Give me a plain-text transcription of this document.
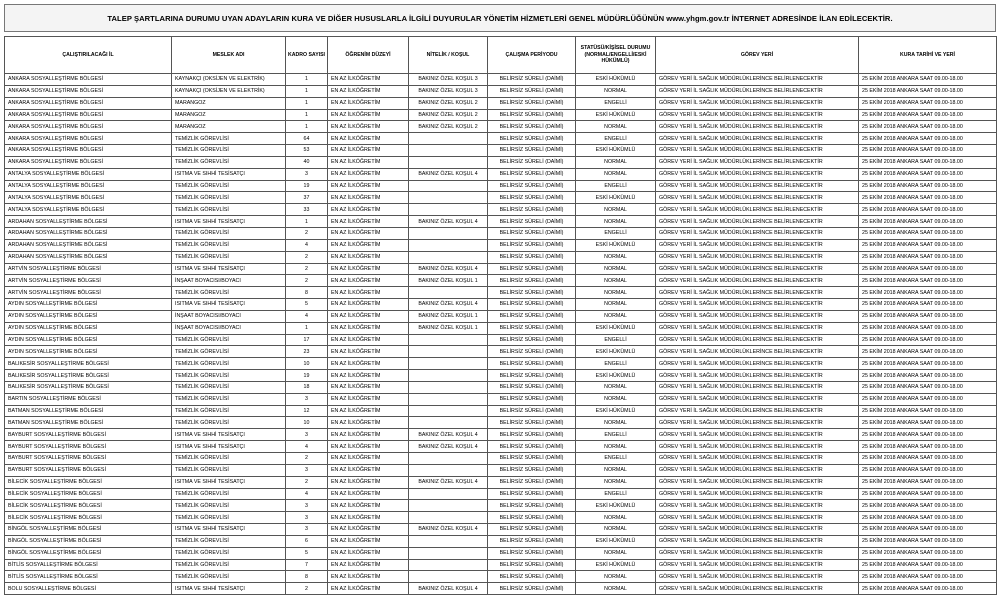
TALEP ŞARTLARINA DURUMU UYAN ADAYLARIN KURA VE DİĞER HUSUSLARLA İLGİLİ DUYURULAR YÖNETİM HİZMETLERİ GENEL MÜDÜRLÜĞÜNÜN www.yhgm.gov.tr İNTERNET ADRESİNDE İLAN EDİLECEKTİR.
ÇALIŞTIRILACAĞI İL	MESLEK ADI	KADRO SAYISI	ÖĞRENİM DÜZEYİ	NİTELİK / KOŞUL	ÇALIŞMA PERİYODU	STATÜSÜ/KİŞİSEL DURUMU (NORMAL/ENGELLİ/ESKİ HÜKÜMLÜ)	GÖREV YERİ	KURA TARİHİ VE YERİ
ANKARA SOSYALLEŞTİRME BÖLGESİ	KAYNAKÇI (OKSİJEN VE ELEKTRİK)	1	EN AZ İLKÖĞRETİM	BAKINIZ ÖZEL KOŞUL 3	BELİRSİZ SÜRELİ (DAİMİ)	ESKİ HÜKÜMLÜ	GÖREV YERİ İL SAĞLIK MÜDÜRLÜKLERİNCE BELİRLENECEKTİR	25 EKİM 2018 ANKARA SAAT 09.00-18.00
ANKARA SOSYALLEŞTİRME BÖLGESİ	KAYNAKÇI (OKSİJEN VE ELEKTRİK)	1	EN AZ İLKÖĞRETİM	BAKINIZ ÖZEL KOŞUL 3	BELİRSİZ SÜRELİ (DAİMİ)	NORMAL	GÖREV YERİ İL SAĞLIK MÜDÜRLÜKLERİNCE BELİRLENECEKTİR	25 EKİM 2018 ANKARA SAAT 09.00-18.00
ANKARA SOSYALLEŞTİRME BÖLGESİ	MARANGOZ	1	EN AZ İLKÖĞRETİM	BAKINIZ ÖZEL KOŞUL 2	BELİRSİZ SÜRELİ (DAİMİ)	ENGELLİ	GÖREV YERİ İL SAĞLIK MÜDÜRLÜKLERİNCE BELİRLENECEKTİR	25 EKİM 2018 ANKARA SAAT 09.00-18.00
ANKARA SOSYALLEŞTİRME BÖLGESİ	MARANGOZ	1	EN AZ İLKÖĞRETİM	BAKINIZ ÖZEL KOŞUL 2	BELİRSİZ SÜRELİ (DAİMİ)	ESKİ HÜKÜMLÜ	GÖREV YERİ İL SAĞLIK MÜDÜRLÜKLERİNCE BELİRLENECEKTİR	25 EKİM 2018 ANKARA SAAT 09.00-18.00
ANKARA SOSYALLEŞTİRME BÖLGESİ	MARANGOZ	1	EN AZ İLKÖĞRETİM	BAKINIZ ÖZEL KOŞUL 2	BELİRSİZ SÜRELİ (DAİMİ)	NORMAL	GÖREV YERİ İL SAĞLIK MÜDÜRLÜKLERİNCE BELİRLENECEKTİR	25 EKİM 2018 ANKARA SAAT 09.00-18.00
ANKARA SOSYALLEŞTİRME BÖLGESİ	TEMİZLİK GÖREVLİSİ	64	EN AZ İLKÖĞRETİM		BELİRSİZ SÜRELİ (DAİMİ)	ENGELLİ	GÖREV YERİ İL SAĞLIK MÜDÜRLÜKLERİNCE BELİRLENECEKTİR	25 EKİM 2018 ANKARA SAAT 09.00-18.00
ANKARA SOSYALLEŞTİRME BÖLGESİ	TEMİZLİK GÖREVLİSİ	53	EN AZ İLKÖĞRETİM		BELİRSİZ SÜRELİ (DAİMİ)	ESKİ HÜKÜMLÜ	GÖREV YERİ İL SAĞLIK MÜDÜRLÜKLERİNCE BELİRLENECEKTİR	25 EKİM 2018 ANKARA SAAT 09.00-18.00
ANKARA SOSYALLEŞTİRME BÖLGESİ	TEMİZLİK GÖREVLİSİ	40	EN AZ İLKÖĞRETİM		BELİRSİZ SÜRELİ (DAİMİ)	NORMAL	GÖREV YERİ İL SAĞLIK MÜDÜRLÜKLERİNCE BELİRLENECEKTİR	25 EKİM 2018 ANKARA SAAT 09.00-18.00
ANTALYA SOSYALLEŞTİRME BÖLGESİ	ISITMA VE SIHHİ TESİSATÇI	3	EN AZ İLKÖĞRETİM	BAKINIZ ÖZEL KOŞUL 4	BELİRSİZ SÜRELİ (DAİMİ)	NORMAL	GÖREV YERİ İL SAĞLIK MÜDÜRLÜKLERİNCE BELİRLENECEKTİR	25 EKİM 2018 ANKARA SAAT 09.00-18.00
ANTALYA SOSYALLEŞTİRME BÖLGESİ	TEMİZLİK GÖREVLİSİ	19	EN AZ İLKÖĞRETİM		BELİRSİZ SÜRELİ (DAİMİ)	ENGELLİ	GÖREV YERİ İL SAĞLIK MÜDÜRLÜKLERİNCE BELİRLENECEKTİR	25 EKİM 2018 ANKARA SAAT 09.00-18.00
ANTALYA SOSYALLEŞTİRME BÖLGESİ	TEMİZLİK GÖREVLİSİ	37	EN AZ İLKÖĞRETİM		BELİRSİZ SÜRELİ (DAİMİ)	ESKİ HÜKÜMLÜ	GÖREV YERİ İL SAĞLIK MÜDÜRLÜKLERİNCE BELİRLENECEKTİR	25 EKİM 2018 ANKARA SAAT 09.00-18.00
ANTALYA SOSYALLEŞTİRME BÖLGESİ	TEMİZLİK GÖREVLİSİ	33	EN AZ İLKÖĞRETİM		BELİRSİZ SÜRELİ (DAİMİ)	NORMAL	GÖREV YERİ İL SAĞLIK MÜDÜRLÜKLERİNCE BELİRLENECEKTİR	25 EKİM 2018 ANKARA SAAT 09.00-18.00
ARDAHAN SOSYALLEŞTİRME BÖLGESİ	ISITMA VE SIHHİ TESİSATÇI	1	EN AZ İLKÖĞRETİM	BAKINIZ ÖZEL KOŞUL 4	BELİRSİZ SÜRELİ (DAİMİ)	NORMAL	GÖREV YERİ İL SAĞLIK MÜDÜRLÜKLERİNCE BELİRLENECEKTİR	25 EKİM 2018 ANKARA SAAT 09.00-18.00
ARDAHAN SOSYALLEŞTİRME BÖLGESİ	TEMİZLİK GÖREVLİSİ	2	EN AZ İLKÖĞRETİM		BELİRSİZ SÜRELİ (DAİMİ)	ENGELLİ	GÖREV YERİ İL SAĞLIK MÜDÜRLÜKLERİNCE BELİRLENECEKTİR	25 EKİM 2018 ANKARA SAAT 09.00-18.00
ARDAHAN SOSYALLEŞTİRME BÖLGESİ	TEMİZLİK GÖREVLİSİ	4	EN AZ İLKÖĞRETİM		BELİRSİZ SÜRELİ (DAİMİ)	ESKİ HÜKÜMLÜ	GÖREV YERİ İL SAĞLIK MÜDÜRLÜKLERİNCE BELİRLENECEKTİR	25 EKİM 2018 ANKARA SAAT 09.00-18.00
ARDAHAN SOSYALLEŞTİRME BÖLGESİ	TEMİZLİK GÖREVLİSİ	2	EN AZ İLKÖĞRETİM		BELİRSİZ SÜRELİ (DAİMİ)	NORMAL	GÖREV YERİ İL SAĞLIK MÜDÜRLÜKLERİNCE BELİRLENECEKTİR	25 EKİM 2018 ANKARA SAAT 09.00-18.00
ARTVİN SOSYALLEŞTİRME BÖLGESİ	ISITMA VE SIHHİ TESİSATÇI	2	EN AZ İLKÖĞRETİM	BAKINIZ ÖZEL KOŞUL 4	BELİRSİZ SÜRELİ (DAİMİ)	NORMAL	GÖREV YERİ İL SAĞLIK MÜDÜRLÜKLERİNCE BELİRLENECEKTİR	25 EKİM 2018 ANKARA SAAT 09.00-18.00
ARTVİN SOSYALLEŞTİRME BÖLGESİ	İNŞAAT BOYACISI/BOYACI	2	EN AZ İLKÖĞRETİM	BAKINIZ ÖZEL KOŞUL 1	BELİRSİZ SÜRELİ (DAİMİ)	NORMAL	GÖREV YERİ İL SAĞLIK MÜDÜRLÜKLERİNCE BELİRLENECEKTİR	25 EKİM 2018 ANKARA SAAT 09.00-18.00
ARTVİN SOSYALLEŞTİRME BÖLGESİ	TEMİZLİK GÖREVLİSİ	8	EN AZ İLKÖĞRETİM		BELİRSİZ SÜRELİ (DAİMİ)	NORMAL	GÖREV YERİ İL SAĞLIK MÜDÜRLÜKLERİNCE BELİRLENECEKTİR	25 EKİM 2018 ANKARA SAAT 09.00-18.00
AYDIN SOSYALLEŞTİRME BÖLGESİ	ISITMA VE SIHHİ TESİSATÇI	5	EN AZ İLKÖĞRETİM	BAKINIZ ÖZEL KOŞUL 4	BELİRSİZ SÜRELİ (DAİMİ)	NORMAL	GÖREV YERİ İL SAĞLIK MÜDÜRLÜKLERİNCE BELİRLENECEKTİR	25 EKİM 2018 ANKARA SAAT 09.00-18.00
AYDIN SOSYALLEŞTİRME BÖLGESİ	İNŞAAT BOYACISI/BOYACI	4	EN AZ İLKÖĞRETİM	BAKINIZ ÖZEL KOŞUL 1	BELİRSİZ SÜRELİ (DAİMİ)	NORMAL	GÖREV YERİ İL SAĞLIK MÜDÜRLÜKLERİNCE BELİRLENECEKTİR	25 EKİM 2018 ANKARA SAAT 09.00-18.00
AYDIN SOSYALLEŞTİRME BÖLGESİ	İNŞAAT BOYACISI/BOYACI	1	EN AZ İLKÖĞRETİM	BAKINIZ ÖZEL KOŞUL 1	BELİRSİZ SÜRELİ (DAİMİ)	ESKİ HÜKÜMLÜ	GÖREV YERİ İL SAĞLIK MÜDÜRLÜKLERİNCE BELİRLENECEKTİR	25 EKİM 2018 ANKARA SAAT 09.00-18.00
AYDIN SOSYALLEŞTİRME BÖLGESİ	TEMİZLİK GÖREVLİSİ	17	EN AZ İLKÖĞRETİM		BELİRSİZ SÜRELİ (DAİMİ)	ENGELLİ	GÖREV YERİ İL SAĞLIK MÜDÜRLÜKLERİNCE BELİRLENECEKTİR	25 EKİM 2018 ANKARA SAAT 09.00-18.00
AYDIN SOSYALLEŞTİRME BÖLGESİ	TEMİZLİK GÖREVLİSİ	23	EN AZ İLKÖĞRETİM		BELİRSİZ SÜRELİ (DAİMİ)	ESKİ HÜKÜMLÜ	GÖREV YERİ İL SAĞLIK MÜDÜRLÜKLERİNCE BELİRLENECEKTİR	25 EKİM 2018 ANKARA SAAT 09.00-18.00
BALIKESİR SOSYALLEŞTİRME BÖLGESİ	TEMİZLİK GÖREVLİSİ	10	EN AZ İLKÖĞRETİM		BELİRSİZ SÜRELİ (DAİMİ)	ENGELLİ	GÖREV YERİ İL SAĞLIK MÜDÜRLÜKLERİNCE BELİRLENECEKTİR	25 EKİM 2018 ANKARA SAAT 09.00-18.00
BALIKESİR SOSYALLEŞTİRME BÖLGESİ	TEMİZLİK GÖREVLİSİ	19	EN AZ İLKÖĞRETİM		BELİRSİZ SÜRELİ (DAİMİ)	ESKİ HÜKÜMLÜ	GÖREV YERİ İL SAĞLIK MÜDÜRLÜKLERİNCE BELİRLENECEKTİR	25 EKİM 2018 ANKARA SAAT 09.00-18.00
BALIKESİR SOSYALLEŞTİRME BÖLGESİ	TEMİZLİK GÖREVLİSİ	18	EN AZ İLKÖĞRETİM		BELİRSİZ SÜRELİ (DAİMİ)	NORMAL	GÖREV YERİ İL SAĞLIK MÜDÜRLÜKLERİNCE BELİRLENECEKTİR	25 EKİM 2018 ANKARA SAAT 09.00-18.00
BARTIN SOSYALLEŞTİRME BÖLGESİ	TEMİZLİK GÖREVLİSİ	3	EN AZ İLKÖĞRETİM		BELİRSİZ SÜRELİ (DAİMİ)	NORMAL	GÖREV YERİ İL SAĞLIK MÜDÜRLÜKLERİNCE BELİRLENECEKTİR	25 EKİM 2018 ANKARA SAAT 09.00-18.00
BATMAN SOSYALLEŞTİRME BÖLGESİ	TEMİZLİK GÖREVLİSİ	12	EN AZ İLKÖĞRETİM		BELİRSİZ SÜRELİ (DAİMİ)	ESKİ HÜKÜMLÜ	GÖREV YERİ İL SAĞLIK MÜDÜRLÜKLERİNCE BELİRLENECEKTİR	25 EKİM 2018 ANKARA SAAT 09.00-18.00
BATMAN SOSYALLEŞTİRME BÖLGESİ	TEMİZLİK GÖREVLİSİ	10	EN AZ İLKÖĞRETİM		BELİRSİZ SÜRELİ (DAİMİ)	NORMAL	GÖREV YERİ İL SAĞLIK MÜDÜRLÜKLERİNCE BELİRLENECEKTİR	25 EKİM 2018 ANKARA SAAT 09.00-18.00
BAYBURT SOSYALLEŞTİRME BÖLGESİ	ISITMA VE SIHHİ TESİSATÇI	3	EN AZ İLKÖĞRETİM	BAKINIZ ÖZEL KOŞUL 4	BELİRSİZ SÜRELİ (DAİMİ)	ENGELLİ	GÖREV YERİ İL SAĞLIK MÜDÜRLÜKLERİNCE BELİRLENECEKTİR	25 EKİM 2018 ANKARA SAAT 09.00-18.00
BAYBURT SOSYALLEŞTİRME BÖLGESİ	ISITMA VE SIHHİ TESİSATÇI	4	EN AZ İLKÖĞRETİM	BAKINIZ ÖZEL KOŞUL 4	BELİRSİZ SÜRELİ (DAİMİ)	NORMAL	GÖREV YERİ İL SAĞLIK MÜDÜRLÜKLERİNCE BELİRLENECEKTİR	25 EKİM 2018 ANKARA SAAT 09.00-18.00
BAYBURT SOSYALLEŞTİRME BÖLGESİ	TEMİZLİK GÖREVLİSİ	2	EN AZ İLKÖĞRETİM		BELİRSİZ SÜRELİ (DAİMİ)	ENGELLİ	GÖREV YERİ İL SAĞLIK MÜDÜRLÜKLERİNCE BELİRLENECEKTİR	25 EKİM 2018 ANKARA SAAT 09.00-18.00
BAYBURT SOSYALLEŞTİRME BÖLGESİ	TEMİZLİK GÖREVLİSİ	3	EN AZ İLKÖĞRETİM		BELİRSİZ SÜRELİ (DAİMİ)	NORMAL	GÖREV YERİ İL SAĞLIK MÜDÜRLÜKLERİNCE BELİRLENECEKTİR	25 EKİM 2018 ANKARA SAAT 09.00-18.00
BİLECİK SOSYALLEŞTİRME BÖLGESİ	ISITMA VE SIHHİ TESİSATÇI	2	EN AZ İLKÖĞRETİM	BAKINIZ ÖZEL KOŞUL 4	BELİRSİZ SÜRELİ (DAİMİ)	NORMAL	GÖREV YERİ İL SAĞLIK MÜDÜRLÜKLERİNCE BELİRLENECEKTİR	25 EKİM 2018 ANKARA SAAT 09.00-18.00
BİLECİK SOSYALLEŞTİRME BÖLGESİ	TEMİZLİK GÖREVLİSİ	4	EN AZ İLKÖĞRETİM		BELİRSİZ SÜRELİ (DAİMİ)	ENGELLİ	GÖREV YERİ İL SAĞLIK MÜDÜRLÜKLERİNCE BELİRLENECEKTİR	25 EKİM 2018 ANKARA SAAT 09.00-18.00
BİLECİK SOSYALLEŞTİRME BÖLGESİ	TEMİZLİK GÖREVLİSİ	3	EN AZ İLKÖĞRETİM		BELİRSİZ SÜRELİ (DAİMİ)	ESKİ HÜKÜMLÜ	GÖREV YERİ İL SAĞLIK MÜDÜRLÜKLERİNCE BELİRLENECEKTİR	25 EKİM 2018 ANKARA SAAT 09.00-18.00
BİLECİK SOSYALLEŞTİRME BÖLGESİ	TEMİZLİK GÖREVLİSİ	3	EN AZ İLKÖĞRETİM		BELİRSİZ SÜRELİ (DAİMİ)	NORMAL	GÖREV YERİ İL SAĞLIK MÜDÜRLÜKLERİNCE BELİRLENECEKTİR	25 EKİM 2018 ANKARA SAAT 09.00-18.00
BİNGÖL SOSYALLEŞTİRME BÖLGESİ	ISITMA VE SIHHİ TESİSATÇI	3	EN AZ İLKÖĞRETİM	BAKINIZ ÖZEL KOŞUL 4	BELİRSİZ SÜRELİ (DAİMİ)	NORMAL	GÖREV YERİ İL SAĞLIK MÜDÜRLÜKLERİNCE BELİRLENECEKTİR	25 EKİM 2018 ANKARA SAAT 09.00-18.00
BİNGÖL SOSYALLEŞTİRME BÖLGESİ	TEMİZLİK GÖREVLİSİ	6	EN AZ İLKÖĞRETİM		BELİRSİZ SÜRELİ (DAİMİ)	ESKİ HÜKÜMLÜ	GÖREV YERİ İL SAĞLIK MÜDÜRLÜKLERİNCE BELİRLENECEKTİR	25 EKİM 2018 ANKARA SAAT 09.00-18.00
BİNGÖL SOSYALLEŞTİRME BÖLGESİ	TEMİZLİK GÖREVLİSİ	5	EN AZ İLKÖĞRETİM		BELİRSİZ SÜRELİ (DAİMİ)	NORMAL	GÖREV YERİ İL SAĞLIK MÜDÜRLÜKLERİNCE BELİRLENECEKTİR	25 EKİM 2018 ANKARA SAAT 09.00-18.00
BİTLİS SOSYALLEŞTİRME BÖLGESİ	TEMİZLİK GÖREVLİSİ	7	EN AZ İLKÖĞRETİM		BELİRSİZ SÜRELİ (DAİMİ)	ESKİ HÜKÜMLÜ	GÖREV YERİ İL SAĞLIK MÜDÜRLÜKLERİNCE BELİRLENECEKTİR	25 EKİM 2018 ANKARA SAAT 09.00-18.00
BİTLİS SOSYALLEŞTİRME BÖLGESİ	TEMİZLİK GÖREVLİSİ	8	EN AZ İLKÖĞRETİM		BELİRSİZ SÜRELİ (DAİMİ)	NORMAL	GÖREV YERİ İL SAĞLIK MÜDÜRLÜKLERİNCE BELİRLENECEKTİR	25 EKİM 2018 ANKARA SAAT 09.00-18.00
BOLU SOSYALLEŞTİRME BÖLGESİ	ISITMA VE SIHHİ TESİSATÇI	2	EN AZ İLKÖĞRETİM	BAKINIZ ÖZEL KOŞUL 4	BELİRSİZ SÜRELİ (DAİMİ)	NORMAL	GÖREV YERİ İL SAĞLIK MÜDÜRLÜKLERİNCE BELİRLENECEKTİR	25 EKİM 2018 ANKARA SAAT 09.00-18.00
